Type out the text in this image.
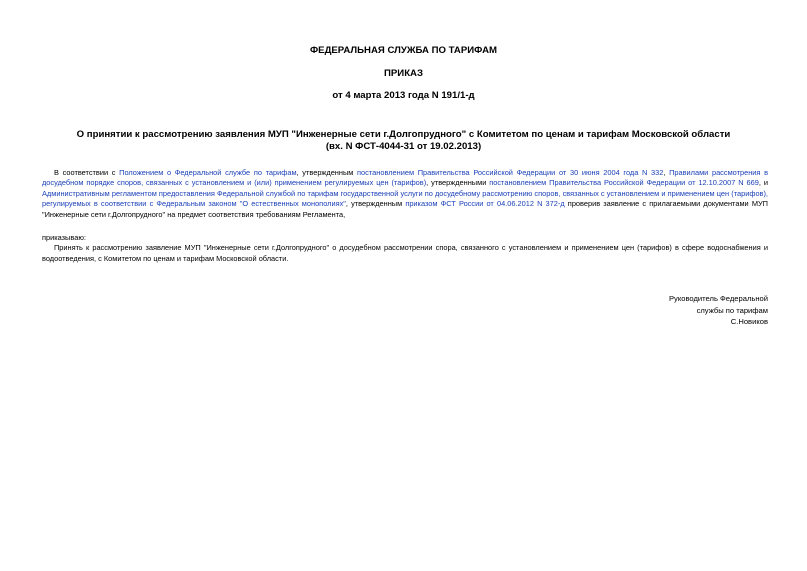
ФЕДЕРАЛЬНАЯ СЛУЖБА ПО ТАРИФАМ
ПРИКАЗ
от 4 марта 2013 года N 191/1-д
О принятии к рассмотрению заявления МУП "Инженерные сети г.Долгопрудного" с Комитетом по ценам и тарифам Московской области
(вх. N ФСТ-4044-31 от 19.02.2013)

В соответствии с Положением о Федеральной службе по тарифам, утвержденным постановлением Правительства Российской Федерации от 30 июня 2004 года N 332, Правилами рассмотрения в досудебном порядке споров, связанных с установлением и (или) применением регулируемых цен (тарифов), утвержденными постановлением Правительства Российской Федерации от 12.10.2007 N 669, и Административным регламентом предоставления Федеральной службой по тарифам государственной услуги по досудебному рассмотрению споров, связанных с установлением и применением цен (тарифов), регулируемых в соответствии с Федеральным законом "О естественных монополиях", утвержденным приказом ФСТ России от 04.06.2012 N 372-д проверив заявление с прилагаемыми документами МУП "Инженерные сети г.Долгопрудного" на предмет соответствия требованиям Регламента,

приказываю:

Принять к рассмотрению заявление МУП "Инженерные сети г.Долгопрудного" о досудебном рассмотрении спора, связанного с установлением и применением цен (тарифов) в сфере водоснабжения и водоотведения, с Комитетом по ценам и тарифам Московской области.

Руководитель Федеральной
службы по тарифам
С.Новиков
